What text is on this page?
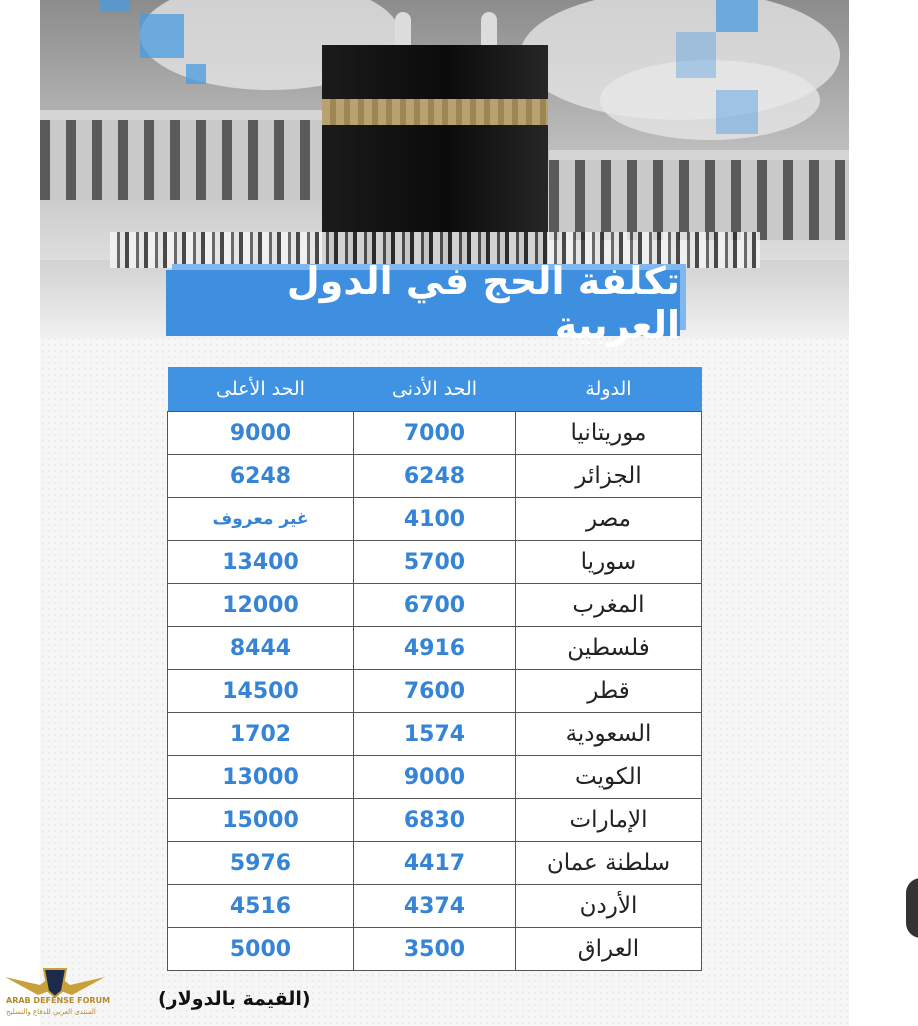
تكلفة الحج في الدول العربية
الدولة	الحد الأدنى	الحد الأعلى
موريتانيا	7000	9000
الجزائر	6248	6248
مصر	4100	غير معروف
سوريا	5700	13400
المغرب	6700	12000
فلسطين	4916	8444
قطر	7600	14500
السعودية	1574	1702
الكويت	9000	13000
الإمارات	6830	15000
سلطنة عمان	4417	5976
الأردن	4374	4516
العراق	3500	5000
(القيمة بالدولار)
ARAB DEFENSE FORUM
المنتدى العربي للدفاع والتسليح
